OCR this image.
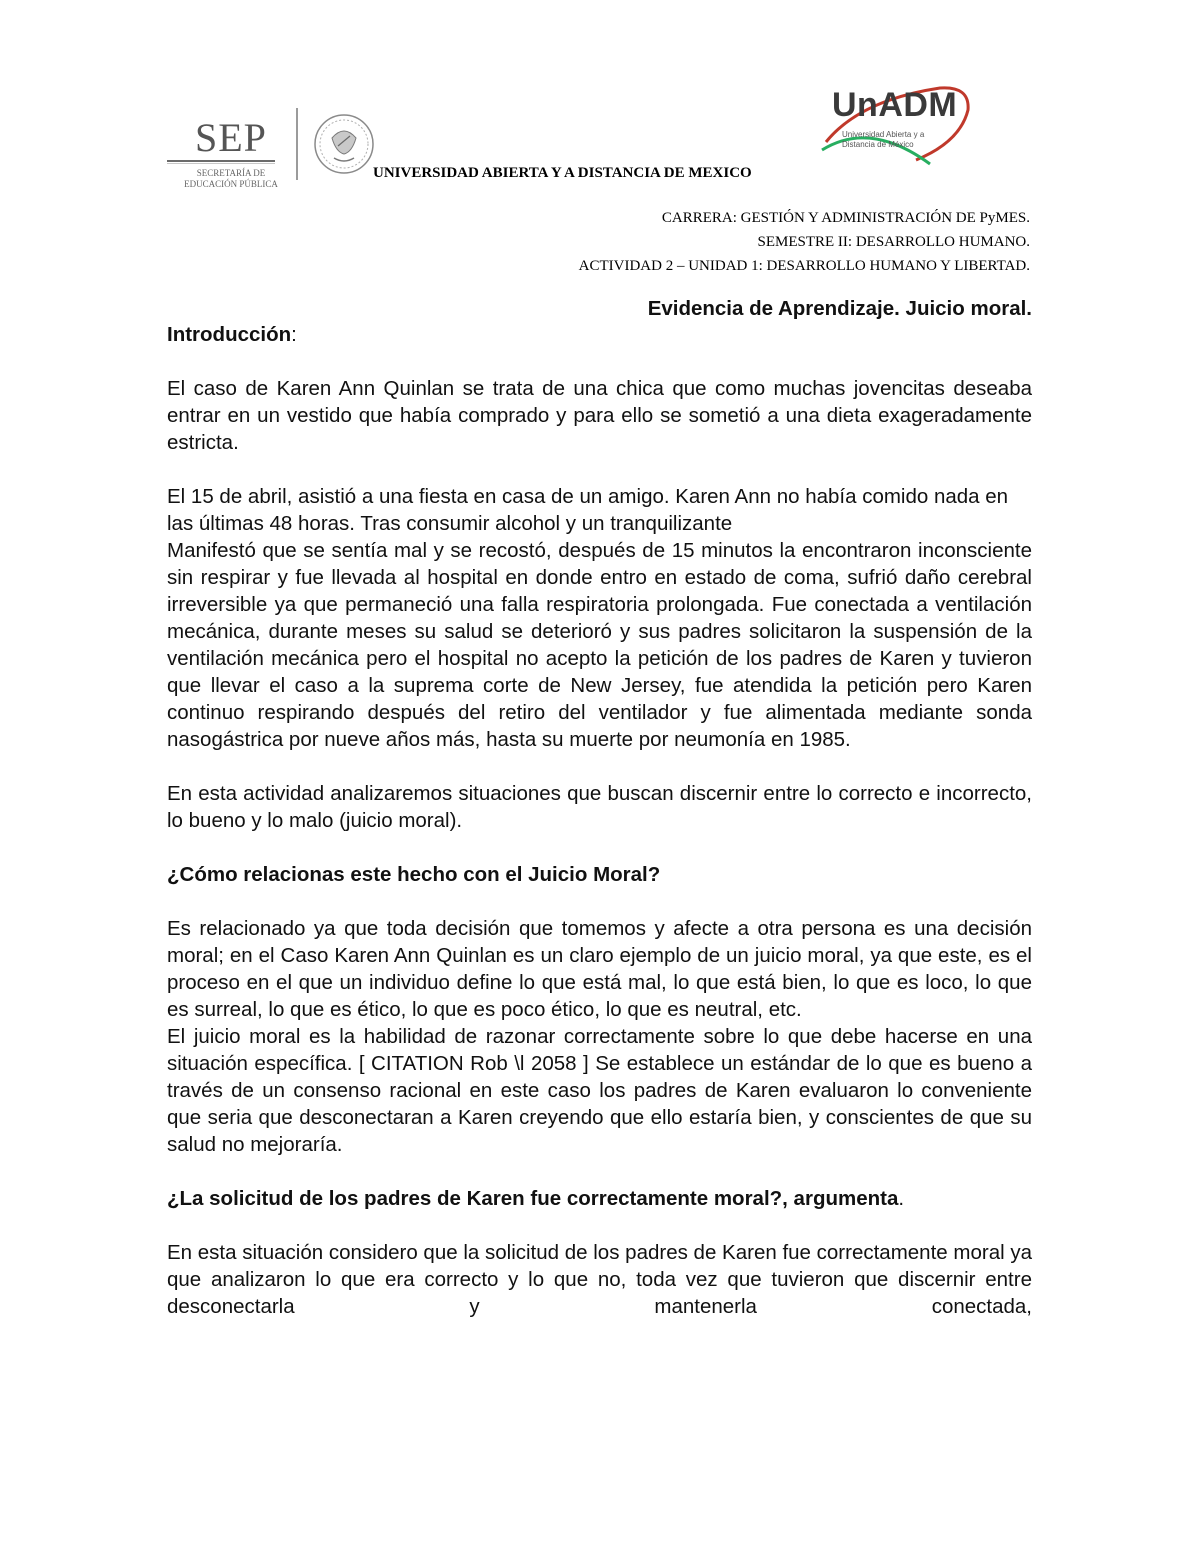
SEP
SECRETARÍA DE EDUCACIÓN PÚBLICA
UnADM
Universidad Abierta y a Distancia de México
UNIVERSIDAD ABIERTA Y A DISTANCIA DE MEXICO
CARRERA: GESTIÓN Y ADMINISTRACIÓN DE PyMES.
SEMESTRE II: DESARROLLO HUMANO.
ACTIVIDAD 2 – UNIDAD 1: DESARROLLO HUMANO Y LIBERTAD.
Evidencia de Aprendizaje. Juicio moral.
Introducción:

El caso de Karen Ann Quinlan se trata de una chica que como muchas jovencitas deseaba entrar en un vestido que había comprado y para ello se sometió a una dieta exageradamente estricta.

El 15 de abril, asistió a una fiesta en casa de un amigo. Karen Ann no había comido nada en las últimas 48 horas. Tras consumir alcohol y un tranquilizante

Manifestó que se sentía mal y se recostó, después de 15 minutos la encontraron inconsciente sin respirar y fue llevada al hospital en donde entro en estado de coma, sufrió daño cerebral irreversible ya que permaneció una falla respiratoria prolongada. Fue conectada a ventilación mecánica, durante meses su salud se deterioró y sus padres solicitaron la suspensión de la ventilación mecánica pero el hospital no acepto la petición de los padres de Karen y tuvieron que llevar el caso a la suprema corte de New Jersey, fue atendida la petición pero Karen continuo respirando después del retiro del ventilador y fue alimentada mediante sonda nasogástrica por nueve años más, hasta su muerte por neumonía en 1985.

En esta actividad analizaremos situaciones que buscan discernir entre lo correcto e incorrecto, lo bueno y lo malo (juicio moral).

¿Cómo relacionas este hecho con el Juicio Moral?

Es relacionado ya que toda decisión que tomemos y afecte a otra persona es una decisión moral; en el Caso Karen Ann Quinlan es un claro ejemplo de un juicio moral, ya que este, es el proceso en el que un individuo define lo que está mal, lo que está bien, lo que es loco, lo que es surreal, lo que es ético, lo que es poco ético, lo que es neutral, etc.

El juicio moral es la habilidad de razonar correctamente sobre lo que debe hacerse en una situación específica. [ CITATION Rob \l 2058 ] Se establece un estándar de lo que es bueno a través de un consenso racional en este caso los padres de Karen evaluaron lo conveniente que seria que desconectaran a Karen creyendo que ello estaría bien, y conscientes de que su salud no mejoraría.

¿La solicitud de los padres de Karen fue correctamente moral?, argumenta.

En esta situación considero que la solicitud de los padres de Karen fue correctamente moral ya que analizaron lo que era correcto y lo que no, toda vez que tuvieron que discernir entre desconectarla y mantenerla conectada,
